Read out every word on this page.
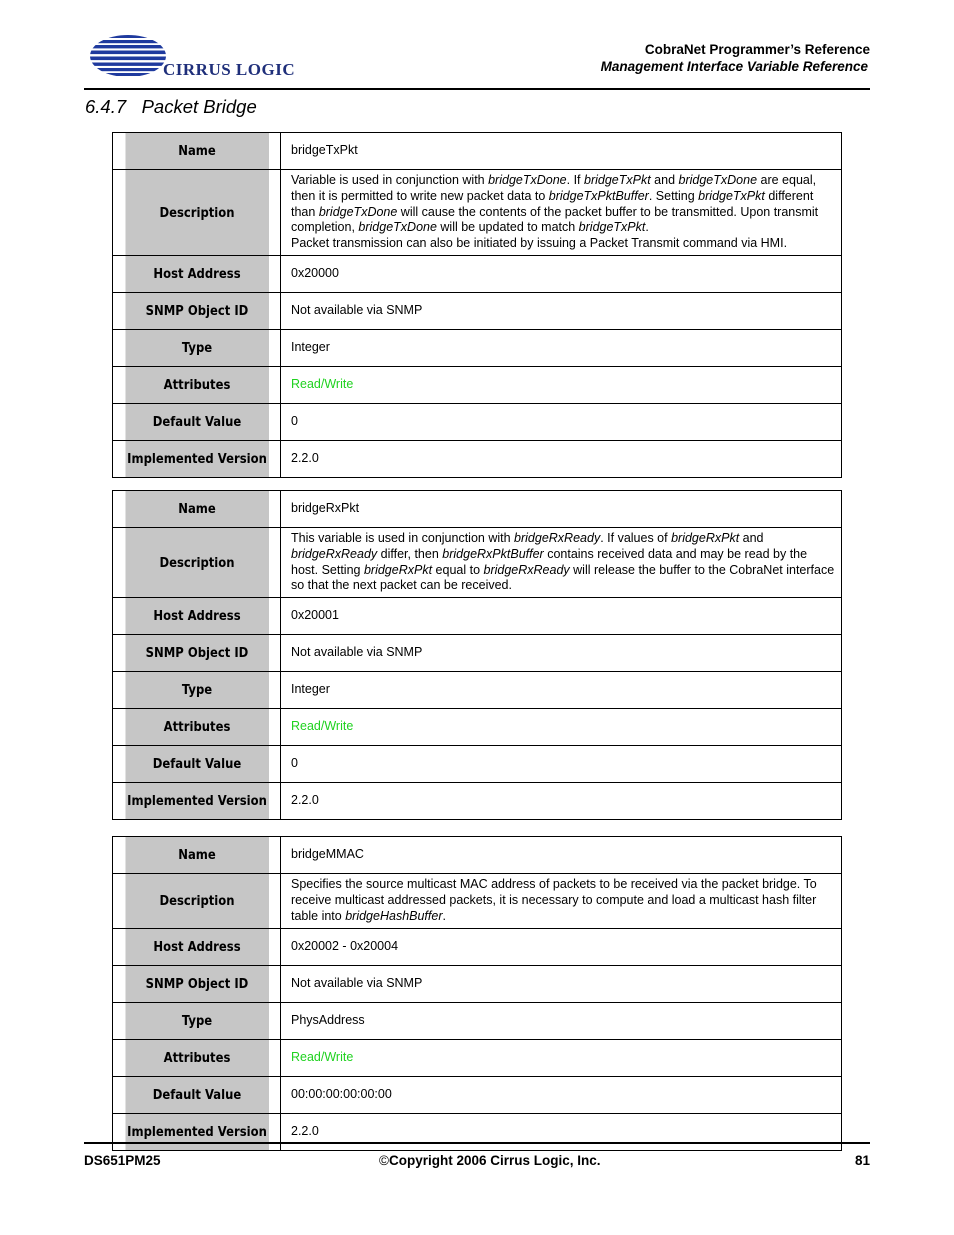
CIRRUS LOGIC
CobraNet Programmer’s Reference
Management Interface Variable Reference
6.4.7 Packet Bridge
Name	bridgeTxPkt
Description	Variable is used in conjunction with bridgeTxDone. If bridgeTxPkt and bridgeTxDone are equal, then it is permitted to write new packet data to bridgeTxPktBuffer. Setting bridgeTxPkt different than bridgeTxDone will cause the contents of the packet buffer to be transmitted. Upon transmit completion, bridgeTxDone will be updated to match bridgeTxPkt.
Packet transmission can also be initiated by issuing a Packet Transmit command via HMI.

Host Address	0x20000
SNMP Object ID	Not available via SNMP
Type	Integer
Attributes	Read/Write
Default Value	0
Implemented Version	2.2.0
Name	bridgeRxPkt
Description	This variable is used in conjunction with bridgeRxReady. If values of bridgeRxPkt and bridgeRxReady differ, then bridgeRxPktBuffer contains received data and may be read by the host. Setting bridgeRxPkt equal to bridgeRxReady will release the buffer to the CobraNet interface so that the next packet can be received.

Host Address	0x20001
SNMP Object ID	Not available via SNMP
Type	Integer
Attributes	Read/Write
Default Value	0
Implemented Version	2.2.0
Name	bridgeMMAC
Description	Specifies the source multicast MAC address of packets to be received via the packet bridge. To receive multicast addressed packets, it is necessary to compute and load a multicast hash filter table into bridgeHashBuffer.

Host Address	0x20002 - 0x20004
SNMP Object ID	Not available via SNMP
Type	PhysAddress
Attributes	Read/Write
Default Value	00:00:00:00:00:00
Implemented Version	2.2.0
DS651PM25	©Copyright 2006 Cirrus Logic, Inc.	81
